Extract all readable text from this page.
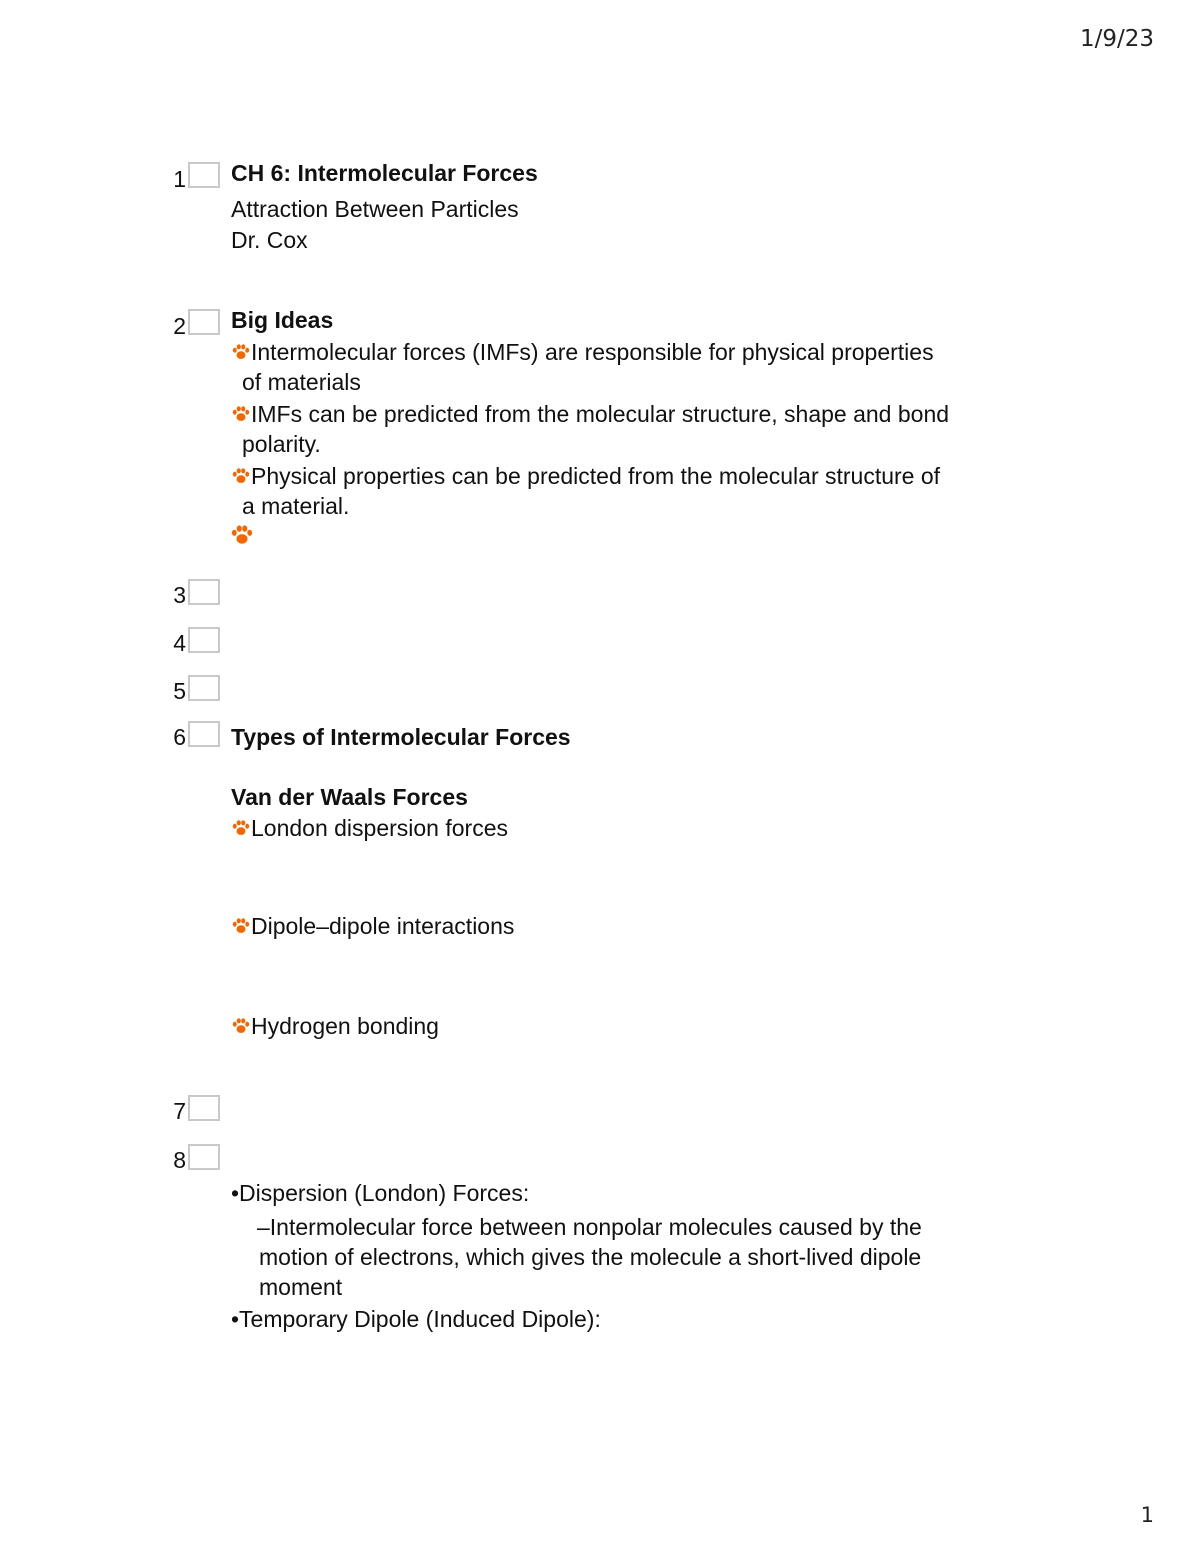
1/9/23
1 CH 6: Intermolecular Forces
Attraction Between Particles
Dr. Cox
2 Big Ideas
Intermolecular forces (IMFs) are responsible for physical properties
of materials
IMFs can be predicted from the molecular structure, shape and bond
polarity.
Physical properties can be predicted from the molecular structure of
a material.
3
4
5
6 Types of Intermolecular Forces
Van der Waals Forces
London dispersion forces
Dipole–dipole interactions
Hydrogen bonding
7
8
•Dispersion (London) Forces:
–Intermolecular force between nonpolar molecules caused by the
motion of electrons, which gives the molecule a short-lived dipole
moment
•Temporary Dipole (Induced Dipole):
1
